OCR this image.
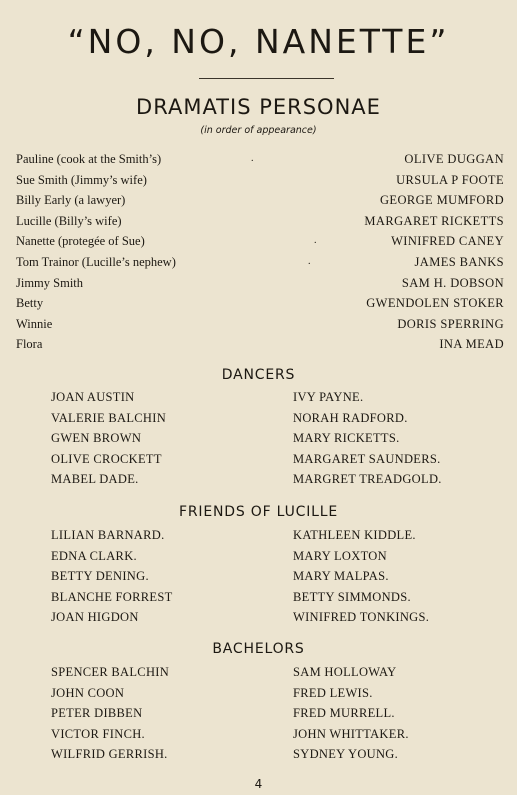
“NO, NO, NANETTE”
DRAMATIS PERSONAE
(in order of appearance)
Pauline (cook at the Smith’s)	.	OLIVE DUGGAN
Sue Smith (Jimmy’s wife)	URSULA P FOOTE
Billy Early (a lawyer)	GEORGE MUMFORD
Lucille (Billy’s wife)	MARGARET RICKETTS
Nanette (protegée of Sue)	.	WINIFRED CANEY
Tom Trainor (Lucille’s nephew)	.	JAMES BANKS
Jimmy Smith	SAM H. DOBSON
Betty	GWENDOLEN STOKER
Winnie	DORIS SPERRING
Flora	INA MEAD
DANCERS
JOAN AUSTIN	IVY PAYNE.
VALERIE BALCHIN	NORAH RADFORD.
GWEN BROWN	MARY RICKETTS.
OLIVE CROCKETT	MARGARET SAUNDERS.
MABEL DADE.	MARGRET TREADGOLD.
FRIENDS OF LUCILLE
LILIAN BARNARD.	KATHLEEN KIDDLE.
EDNA CLARK.	MARY LOXTON
BETTY DENING.	MARY MALPAS.
BLANCHE FORREST	BETTY SIMMONDS.
JOAN HIGDON	WINIFRED TONKINGS.
BACHELORS
SPENCER BALCHIN	SAM HOLLOWAY
JOHN COON	FRED LEWIS.
PETER DIBBEN	FRED MURRELL.
VICTOR FINCH.	JOHN WHITTAKER.
WILFRID GERRISH.	SYDNEY YOUNG.
4
